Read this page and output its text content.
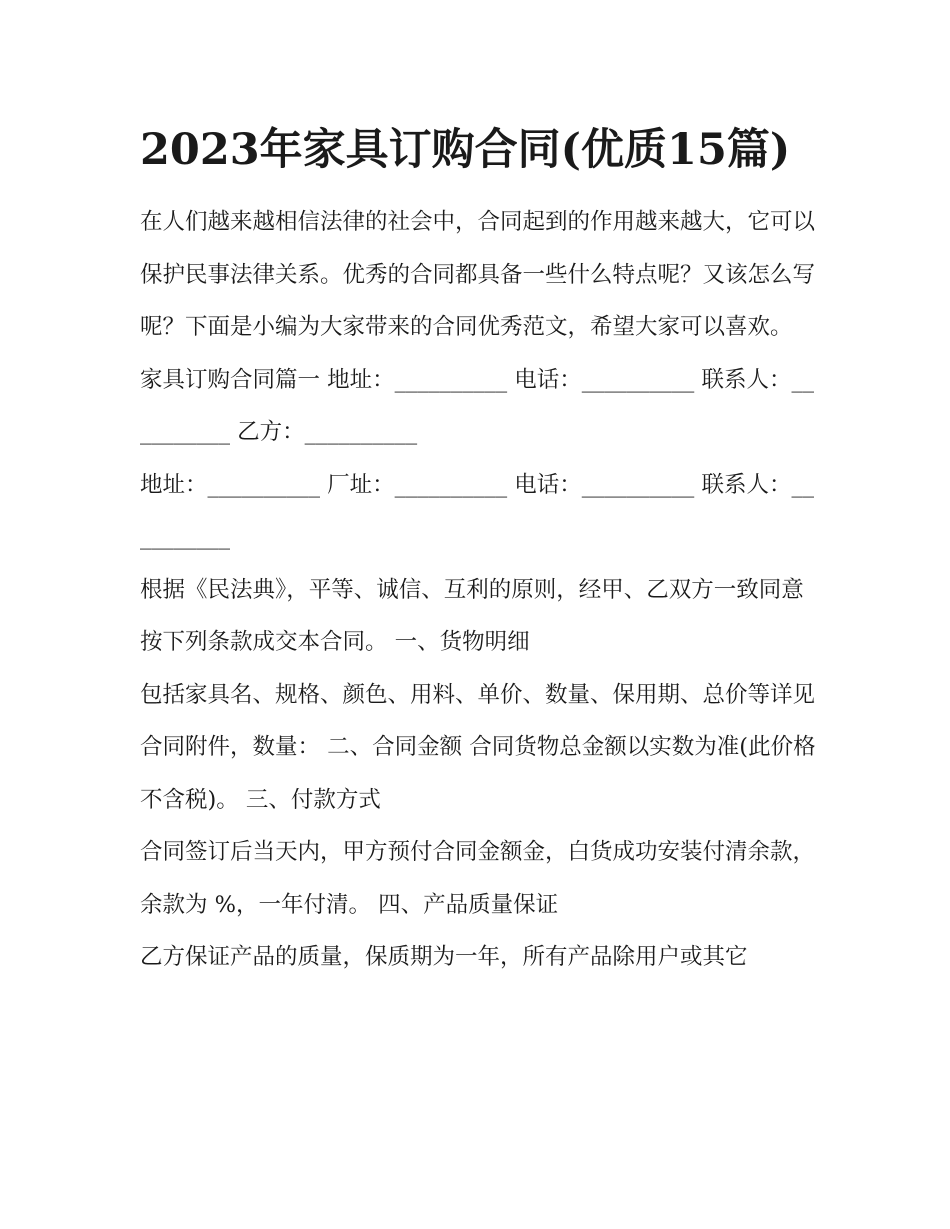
2023年家具订购合同(优质15篇)

在人们越来越相信法律的社会中，合同起到的作用越来越大，它可以保护民事法律关系。优秀的合同都具备一些什么特点呢？又该怎么写呢？下面是小编为大家带来的合同优秀范文，希望大家可以喜欢。

家具订购合同篇一 地址：__________ 电话：__________ 联系人：__________ 乙方：__________

地址：__________ 厂址：__________ 电话：__________ 联系人：__________

根据《民法典》，平等、诚信、互利的原则，经甲、乙双方一致同意按下列条款成交本合同。 一、货物明细

包括家具名、规格、颜色、用料、单价、数量、保用期、总价等详见合同附件，数量： 二、合同金额 合同货物总金额以实数为准(此价格不含税)。 三、付款方式

合同签订后当天内，甲方预付合同金额金，白货成功安装付清余款，余款为 %，一年付清。 四、产品质量保证

乙方保证产品的质量，保质期为一年，所有产品除用户或其它
